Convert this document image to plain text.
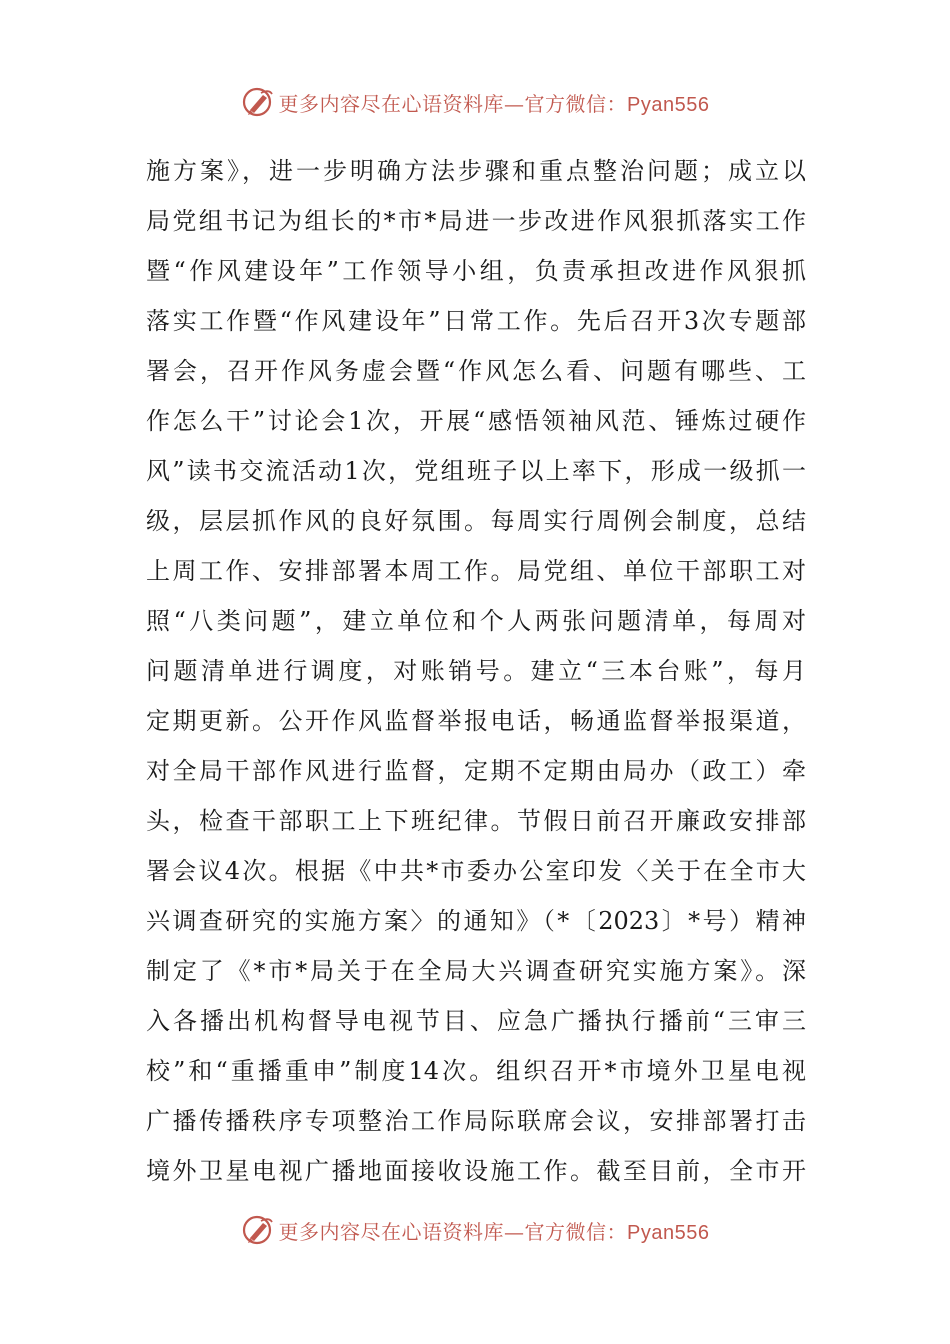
更多内容尽在心语资料库—官方微信：Pyan556
施方案》，进一步明确方法步骤和重点整治问题；成立以
局党组书记为组长的*市*局进一步改进作风狠抓落实工作
暨“作风建设年”工作领导小组，负责承担改进作风狠抓
落实工作暨“作风建设年”日常工作。先后召开3次专题部
署会，召开作风务虚会暨“作风怎么看、问题有哪些、工
作怎么干”讨论会1次，开展“感悟领袖风范、锤炼过硬作
风”读书交流活动1次，党组班子以上率下，形成一级抓一
级，层层抓作风的良好氛围。每周实行周例会制度，总结
上周工作、安排部署本周工作。局党组、单位干部职工对
照“八类问题”，建立单位和个人两张问题清单，每周对
问题清单进行调度，对账销号。建立“三本台账”，每月
定期更新。公开作风监督举报电话，畅通监督举报渠道，
对全局干部作风进行监督，定期不定期由局办（政工）牵
头，检查干部职工上下班纪律。节假日前召开廉政安排部
署会议4次。根据《中共*市委办公室印发〈关于在全市大
兴调查研究的实施方案〉的通知》（*〔2023〕*号）精神
制定了《*市*局关于在全局大兴调查研究实施方案》。深
入各播出机构督导电视节目、应急广播执行播前“三审三
校”和“重播重申”制度14次。组织召开*市境外卫星电视
广播传播秩序专项整治工作局际联席会议，安排部署打击
境外卫星电视广播地面接收设施工作。截至目前，全市开
更多内容尽在心语资料库—官方微信：Pyan556
